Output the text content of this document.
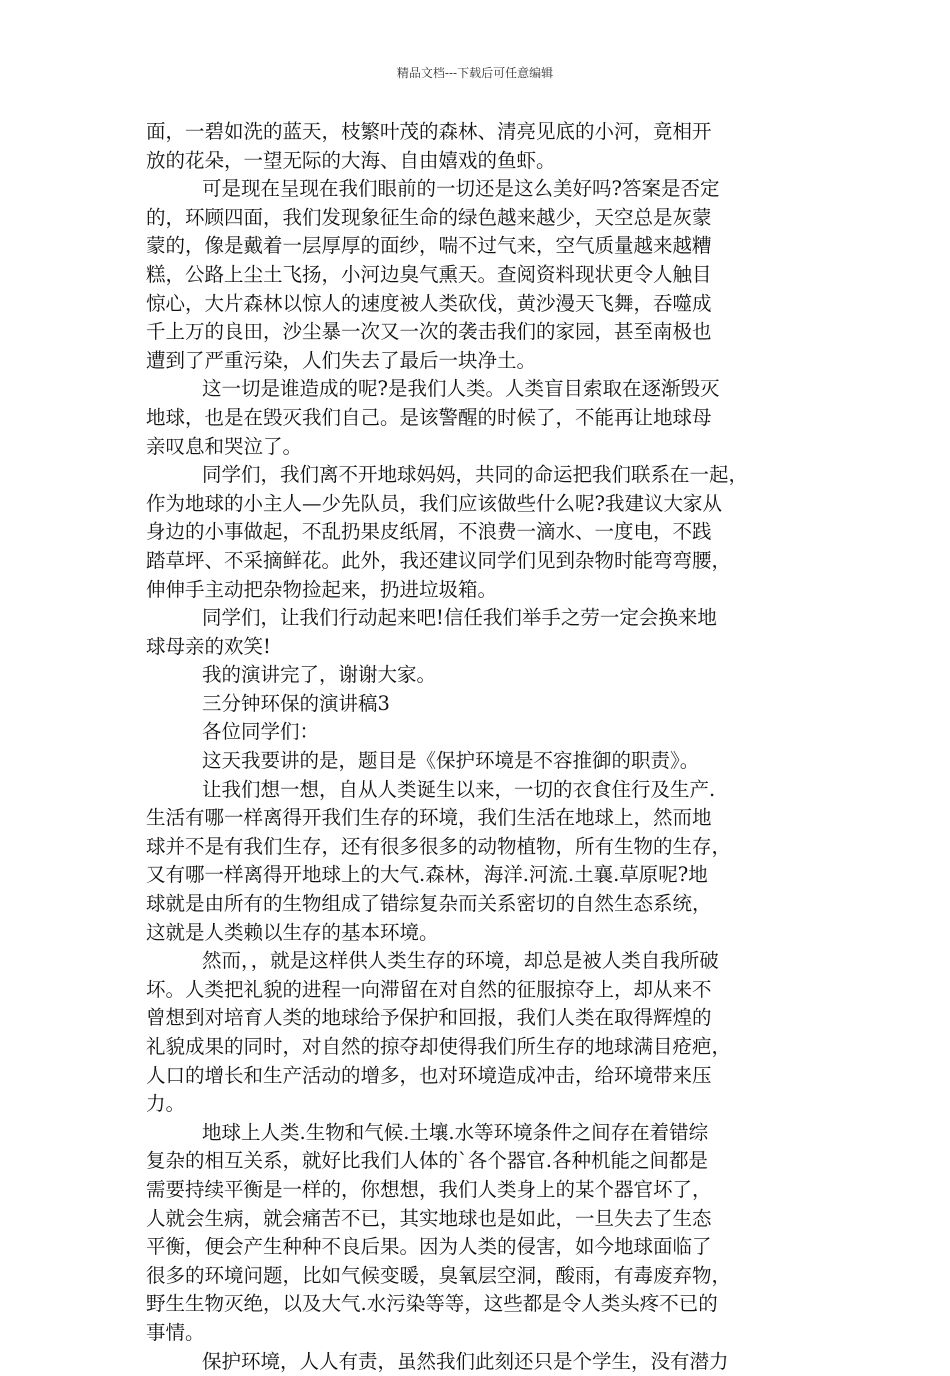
精品文档---下载后可任意编辑
面，一碧如洗的蓝天，枝繁叶茂的森林、清亮见底的小河，竟相开
放的花朵，一望无际的大海、自由嬉戏的鱼虾。
可是现在呈现在我们眼前的一切还是这么美好吗?答案是否定
的，环顾四面，我们发现象征生命的绿色越来越少，天空总是灰蒙
蒙的，像是戴着一层厚厚的面纱，喘不过气来，空气质量越来越糟
糕，公路上尘土飞扬，小河边臭气熏天。查阅资料现状更令人触目
惊心，大片森林以惊人的速度被人类砍伐，黄沙漫天飞舞，吞噬成
千上万的良田，沙尘暴一次又一次的袭击我们的家园，甚至南极也
遭到了严重污染，人们失去了最后一块净土。
这一切是谁造成的呢?是我们人类。人类盲目索取在逐渐毁灭
地球，也是在毁灭我们自己。是该警醒的时候了，不能再让地球母
亲叹息和哭泣了。
同学们，我们离不开地球妈妈，共同的命运把我们联系在一起，
作为地球的小主人—少先队员，我们应该做些什么呢?我建议大家从
身边的小事做起，不乱扔果皮纸屑，不浪费一滴水、一度电，不践
踏草坪、不采摘鲜花。此外，我还建议同学们见到杂物时能弯弯腰，
伸伸手主动把杂物捡起来，扔进垃圾箱。
同学们，让我们行动起来吧!信任我们举手之劳一定会换来地
球母亲的欢笑!
我的演讲完了，谢谢大家。
三分钟环保的演讲稿3
各位同学们：
这天我要讲的是，题目是《保护环境是不容推御的职责》。
让我们想一想，自从人类诞生以来，一切的衣食住行及生产.
生活有哪一样离得开我们生存的环境，我们生活在地球上，然而地
球并不是有我们生存，还有很多很多的动物植物，所有生物的生存，
又有哪一样离得开地球上的大气.森林，海洋.河流.土襄.草原呢?地
球就是由所有的生物组成了错综复杂而关系密切的自然生态系统，
这就是人类赖以生存的基本环境。
然而，，就是这样供人类生存的环境，却总是被人类自我所破
坏。人类把礼貌的进程一向滞留在对自然的征服掠夺上，却从来不
曾想到对培育人类的地球给予保护和回报，我们人类在取得辉煌的
礼貌成果的同时，对自然的掠夺却使得我们所生存的地球满目疮疤，
人口的增长和生产活动的增多，也对环境造成冲击，给环境带来压
力。
地球上人类.生物和气候.土壤.水等环境条件之间存在着错综
复杂的相互关系，就好比我们人体的`各个器官.各种机能之间都是
需要持续平衡是一样的，你想想，我们人类身上的某个器官坏了，
人就会生病，就会痛苦不已，其实地球也是如此，一旦失去了生态
平衡，便会产生种种不良后果。因为人类的侵害，如今地球面临了
很多的环境问题，比如气候变暖，臭氧层空洞，酸雨，有毒废弃物，
野生生物灭绝，以及大气.水污染等等，这些都是令人类头疼不已的
事情。
保护环境，人人有责，虽然我们此刻还只是个学生，没有潜力
